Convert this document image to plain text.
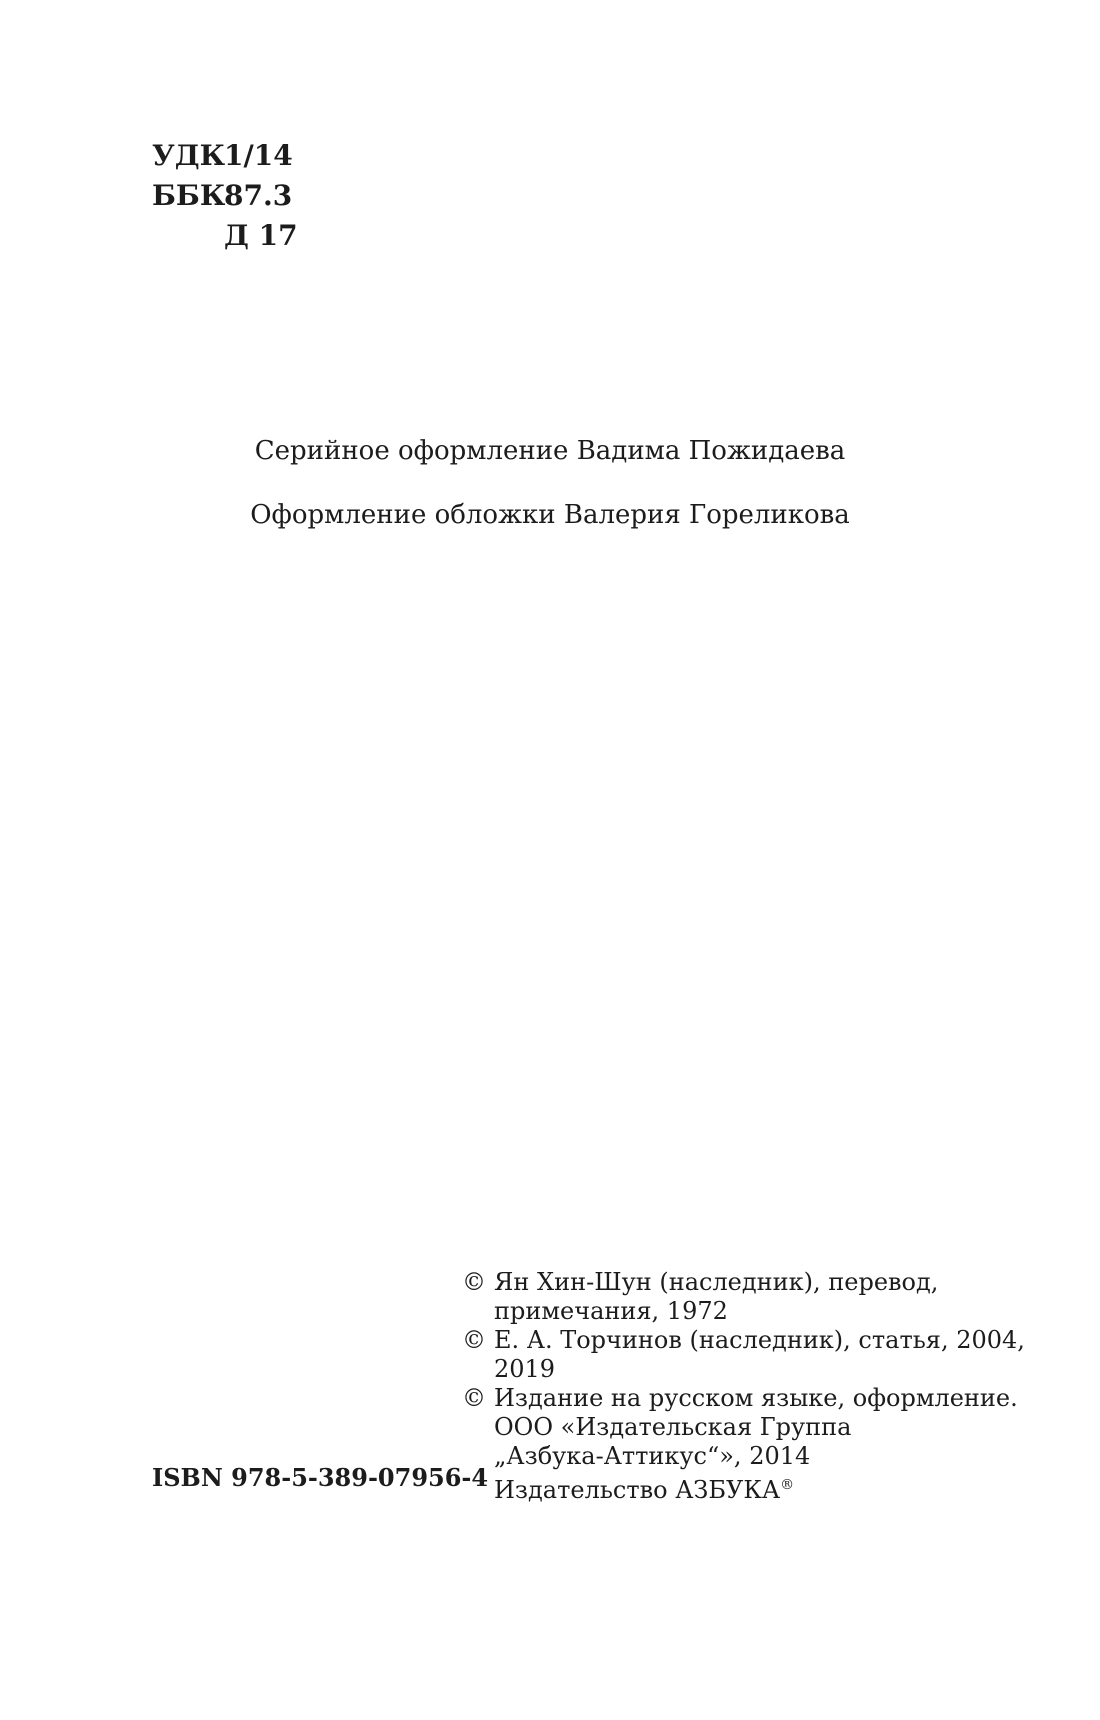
УДК
1/14
ББК
87.3
Д 17
Серийное оформление Вадима Пожидаева
Оформление обложки Валерия Гореликова
© Ян Хин-Шун (наследник), перевод,
примечания, 1972
© Е. А. Торчинов (наследник), статья, 2004,
2019
© Издание на русском языке, оформление.
ООО «Издательская Группа
„Азбука-Аттикус“», 2014
Издательство АЗБУКА®
ISBN 978-5-389-07956-4
